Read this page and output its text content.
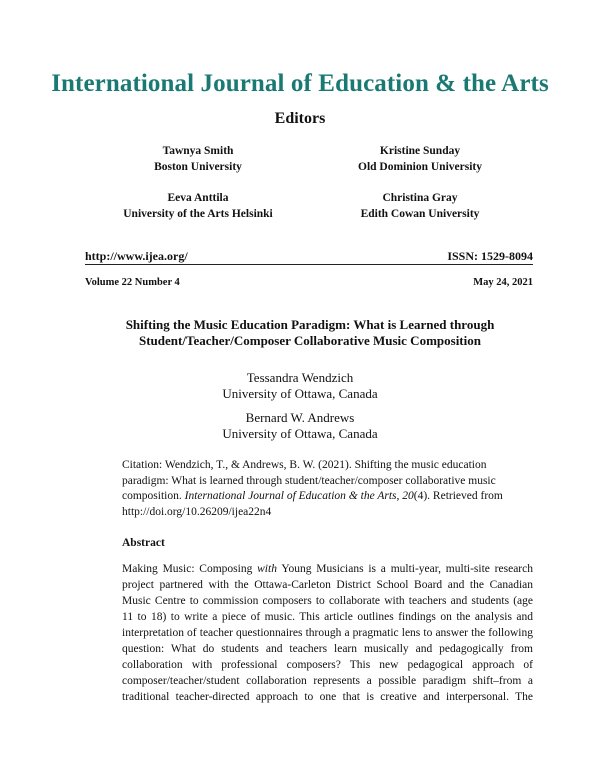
International Journal of Education & the Arts
Editors
Tawnya Smith
Boston University
Kristine Sunday
Old Dominion University
Eeva Anttila
University of the Arts Helsinki
Christina Gray
Edith Cowan University
http://www.ijea.org/	ISSN: 1529-8094
Volume 22 Number 4	May 24, 2021
Shifting the Music Education Paradigm: What is Learned through
Student/Teacher/Composer Collaborative Music Composition
Tessandra Wendzich
University of Ottawa, Canada
Bernard W. Andrews
University of Ottawa, Canada
Citation: Wendzich, T., & Andrews, B. W. (2021). Shifting the music education
paradigm: What is learned through student/teacher/composer collaborative music
composition. International Journal of Education & the Arts, 20(4). Retrieved from
http://doi.org/10.26209/ijea22n4
Abstract
Making Music: Composing with Young Musicians is a multi-year, multi-site research
project partnered with the Ottawa-Carleton District School Board and the Canadian
Music Centre to commission composers to collaborate with teachers and students (age
11 to 18) to write a piece of music. This article outlines findings on the analysis and
interpretation of teacher questionnaires through a pragmatic lens to answer the following
question: What do students and teachers learn musically and pedagogically from
collaboration with professional composers? This new pedagogical approach of
composer/teacher/student collaboration represents a possible paradigm shift–from a
traditional teacher-directed approach to one that is creative and interpersonal. The
